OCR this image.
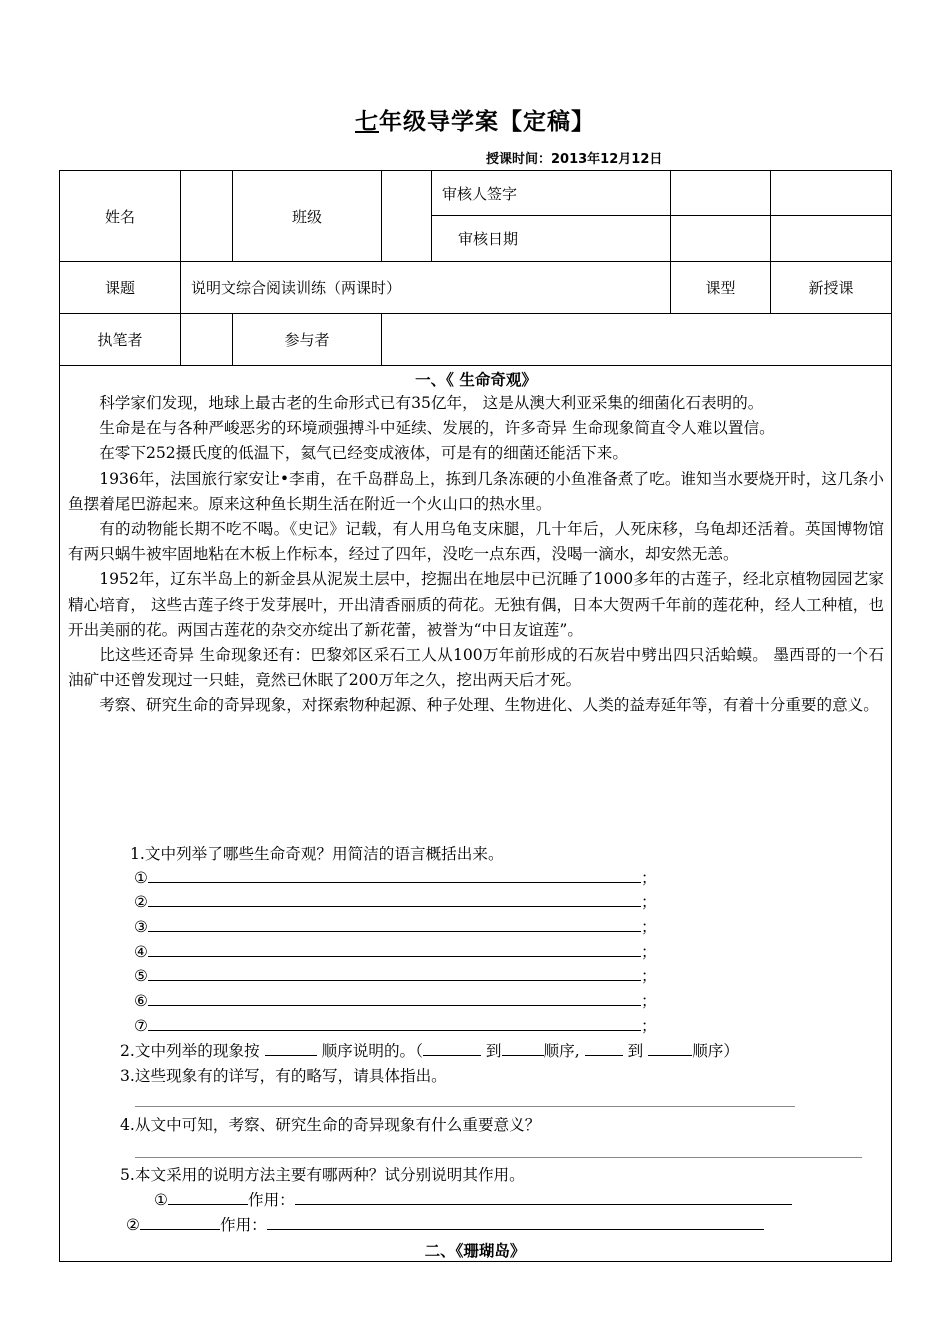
七年级导学案【定稿】
授课时间：2013年12月12日
姓名		班级		审核人签字		
				审核日期		
课题	说明文综合阅读训练（两课时）				课型	新授课
执笔者		参与者				
一、《 生命奇观》

科学家们发现，地球上最古老的生命形式已有35亿年， 这是从澳大利亚采集的细菌化石表明的。

生命是在与各种严峻恶劣的环境顽强搏斗中延续、发展的，许多奇异 生命现象简直令人难以置信。

在零下252摄氏度的低温下，氦气已经变成液体，可是有的细菌还能活下来。

1936年，法国旅行家安让•李甫，在千岛群岛上，拣到几条冻硬的小鱼准备煮了吃。谁知当水要烧开时，这几条小鱼摆着尾巴游起来。原来这种鱼长期生活在附近一个火山口的热水里。

有的动物能长期不吃不喝。《史记》记载，有人用乌龟支床腿，几十年后，人死床移，乌龟却还活着。英国博物馆有两只蜗牛被牢固地粘在木板上作标本，经过了四年，没吃一点东西，没喝一滴水，却安然无恙。

1952年，辽东半岛上的新金县从泥炭土层中，挖掘出在地层中已沉睡了1000多年的古莲子，经北京植物园园艺家精心培育， 这些古莲子终于发芽展叶，开出清香丽质的荷花。无独有偶，日本大贺两千年前的莲花种，经人工种植，也开出美丽的花。两国古莲花的杂交亦绽出了新花蕾，被誉为“中日友谊莲”。

比这些还奇异 生命现象还有：巴黎郊区采石工人从100万年前形成的石灰岩中劈出四只活蛤蟆。 墨西哥的一个石油矿中还曾发现过一只蛙，竟然已休眠了200万年之久，挖出两天后才死。

考察、研究生命的奇异现象，对探索物种起源、种子处理、生物进化、人类的益寿延年等，有着十分重要的意义。

1.文中列举了哪些生命奇观？用简洁的语言概括出来。
①	；
②	；
③	；
④	；
⑤	；
⑥	；
⑦	；
2.文中列举的现象按	顺序说明的。（	到	顺序,	到	顺序）
3.这些现象有的详写，有的略写，请具体指出。
4.从文中可知，考察、研究生命的奇异现象有什么重要意义？
5.本文采用的说明方法主要有哪两种？试分别说明其作用。
①	作用：
②	作用：
二、《珊瑚岛》
